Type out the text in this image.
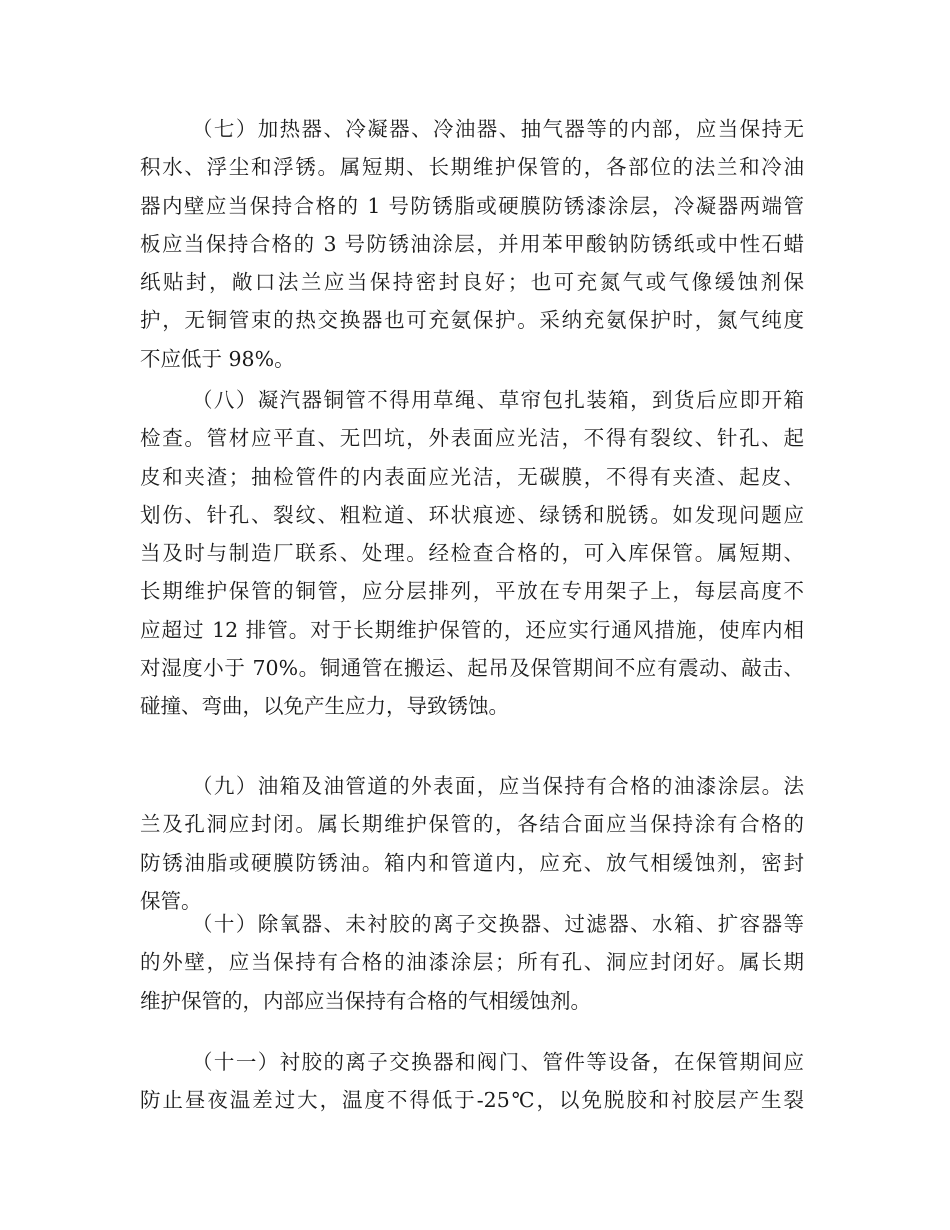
（七）加热器、冷凝器、冷油器、抽气器等的内部，应当保持无
积水、浮尘和浮锈。属短期、长期维护保管的，各部位的法兰和冷油
器内壁应当保持合格的 1 号防锈脂或硬膜防锈漆涂层，冷凝器两端管
板应当保持合格的 3 号防锈油涂层，并用苯甲酸钠防锈纸或中性石蜡
纸贴封，敞口法兰应当保持密封良好；也可充氮气或气像缓蚀剂保
护，无铜管束的热交换器也可充氨保护。采纳充氨保护时，氮气纯度
不应低于 98%。
（八）凝汽器铜管不得用草绳、草帘包扎装箱，到货后应即开箱
检查。管材应平直、无凹坑，外表面应光洁，不得有裂纹、针孔、起
皮和夹渣；抽检管件的内表面应光洁，无碳膜，不得有夹渣、起皮、
划伤、针孔、裂纹、粗粒道、环状痕迹、绿锈和脱锈。如发现问题应
当及时与制造厂联系、处理。经检查合格的，可入库保管。属短期、
长期维护保管的铜管，应分层排列，平放在专用架子上，每层高度不
应超过 12 排管。对于长期维护保管的，还应实行通风措施，使库内相
对湿度小于 70%。铜通管在搬运、起吊及保管期间不应有震动、敲击、
碰撞、弯曲，以免产生应力，导致锈蚀。
（九）油箱及油管道的外表面，应当保持有合格的油漆涂层。法
兰及孔洞应封闭。属长期维护保管的，各结合面应当保持涂有合格的
防锈油脂或硬膜防锈油。箱内和管道内，应充、放气相缓蚀剂，密封
保管。
（十）除氧器、未衬胶的离子交换器、过滤器、水箱、扩容器等
的外壁，应当保持有合格的油漆涂层；所有孔、洞应封闭好。属长期
维护保管的，内部应当保持有合格的气相缓蚀剂。
（十一）衬胶的离子交换器和阀门、管件等设备，在保管期间应
防止昼夜温差过大，温度不得低于-25℃，以免脱胶和衬胶层产生裂
